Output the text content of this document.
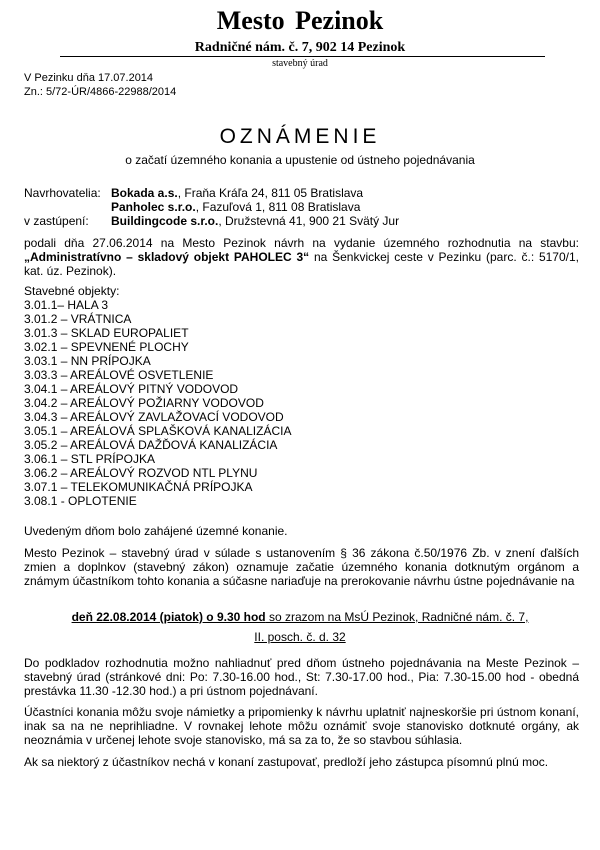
Mesto Pezinok
Radničné nám. č. 7, 902 14 Pezinok
stavebný úrad
V Pezinku dňa 17.07.2014
Zn.: 5/72-ÚR/4866-22988/2014
OZNÁMENIE
o začatí územného konania a upustenie od ústneho pojednávania
Navrhovatelia: Bokada a.s., Fraňa Kráľa 24, 811 05 Bratislava
Panholec s.r.o., Fazuľová 1, 811 08 Bratislava
v zastúpení: Buildingcode s.r.o., Družstevná 41, 900 21 Svätý Jur
podali dňa 27.06.2014 na Mesto Pezinok návrh na vydanie územného rozhodnutia na stavbu: „Administratívno – skladový objekt PAHOLEC 3“ na Šenkvickej ceste v Pezinku (parc. č.: 5170/1, kat. úz. Pezinok).
Stavebné objekty:
3.01.1– HALA 3
3.01.2 – VRÁTNICA
3.01.3 – SKLAD EUROPALIET
3.02.1 – SPEVNENÉ PLOCHY
3.03.1 – NN PRÍPOJKA
3.03.3 – AREÁLOVÉ OSVETLENIE
3.04.1 – AREÁLOVÝ PITNÝ VODOVOD
3.04.2 – AREÁLOVÝ POŽIARNY VODOVOD
3.04.3 – AREÁLOVÝ ZAVLAŽOVACÍ VODOVOD
3.05.1 – AREÁLOVÁ SPLAŠKOVÁ KANALIZÁCIA
3.05.2 – AREÁLOVÁ DAŽĎOVÁ KANALIZÁCIA
3.06.1 – STL PRÍPOJKA
3.06.2 – AREÁLOVÝ ROZVOD NTL PLYNU
3.07.1 – TELEKOMUNIKAČNÁ PRÍPOJKA
3.08.1 - OPLOTENIE
Uvedeným dňom bolo zahájené územné konanie.
Mesto Pezinok – stavebný úrad v súlade s ustanovením § 36 zákona č.50/1976 Zb. v znení ďalších zmien a doplnkov (stavebný zákon) oznamuje začatie územného konania dotknutým orgánom a známym účastníkom tohto konania a súčasne nariaďuje na prerokovanie návrhu ústne pojednávanie na
deň 22.08.2014 (piatok) o 9.30 hod so zrazom na MsÚ Pezinok, Radničné nám. č. 7,
II. posch. č. d. 32
Do podkladov rozhodnutia možno nahliadnuť pred dňom ústneho pojednávania na Meste Pezinok – stavebný úrad (stránkové dni: Po: 7.30-16.00 hod., St: 7.30-17.00 hod., Pia: 7.30-15.00 hod - obedná prestávka 11.30 -12.30 hod.) a pri ústnom pojednávaní.
Účastníci konania môžu svoje námietky a pripomienky k návrhu uplatniť najneskoršie pri ústnom konaní, inak sa na ne neprihliadne. V rovnakej lehote môžu oznámiť svoje stanovisko dotknuté orgány, ak neoznámia v určenej lehote svoje stanovisko, má sa za to, že so stavbou súhlasia.
Ak sa niektorý z účastníkov nechá v konaní zastupovať, predloží jeho zástupca písomnú plnú moc.
